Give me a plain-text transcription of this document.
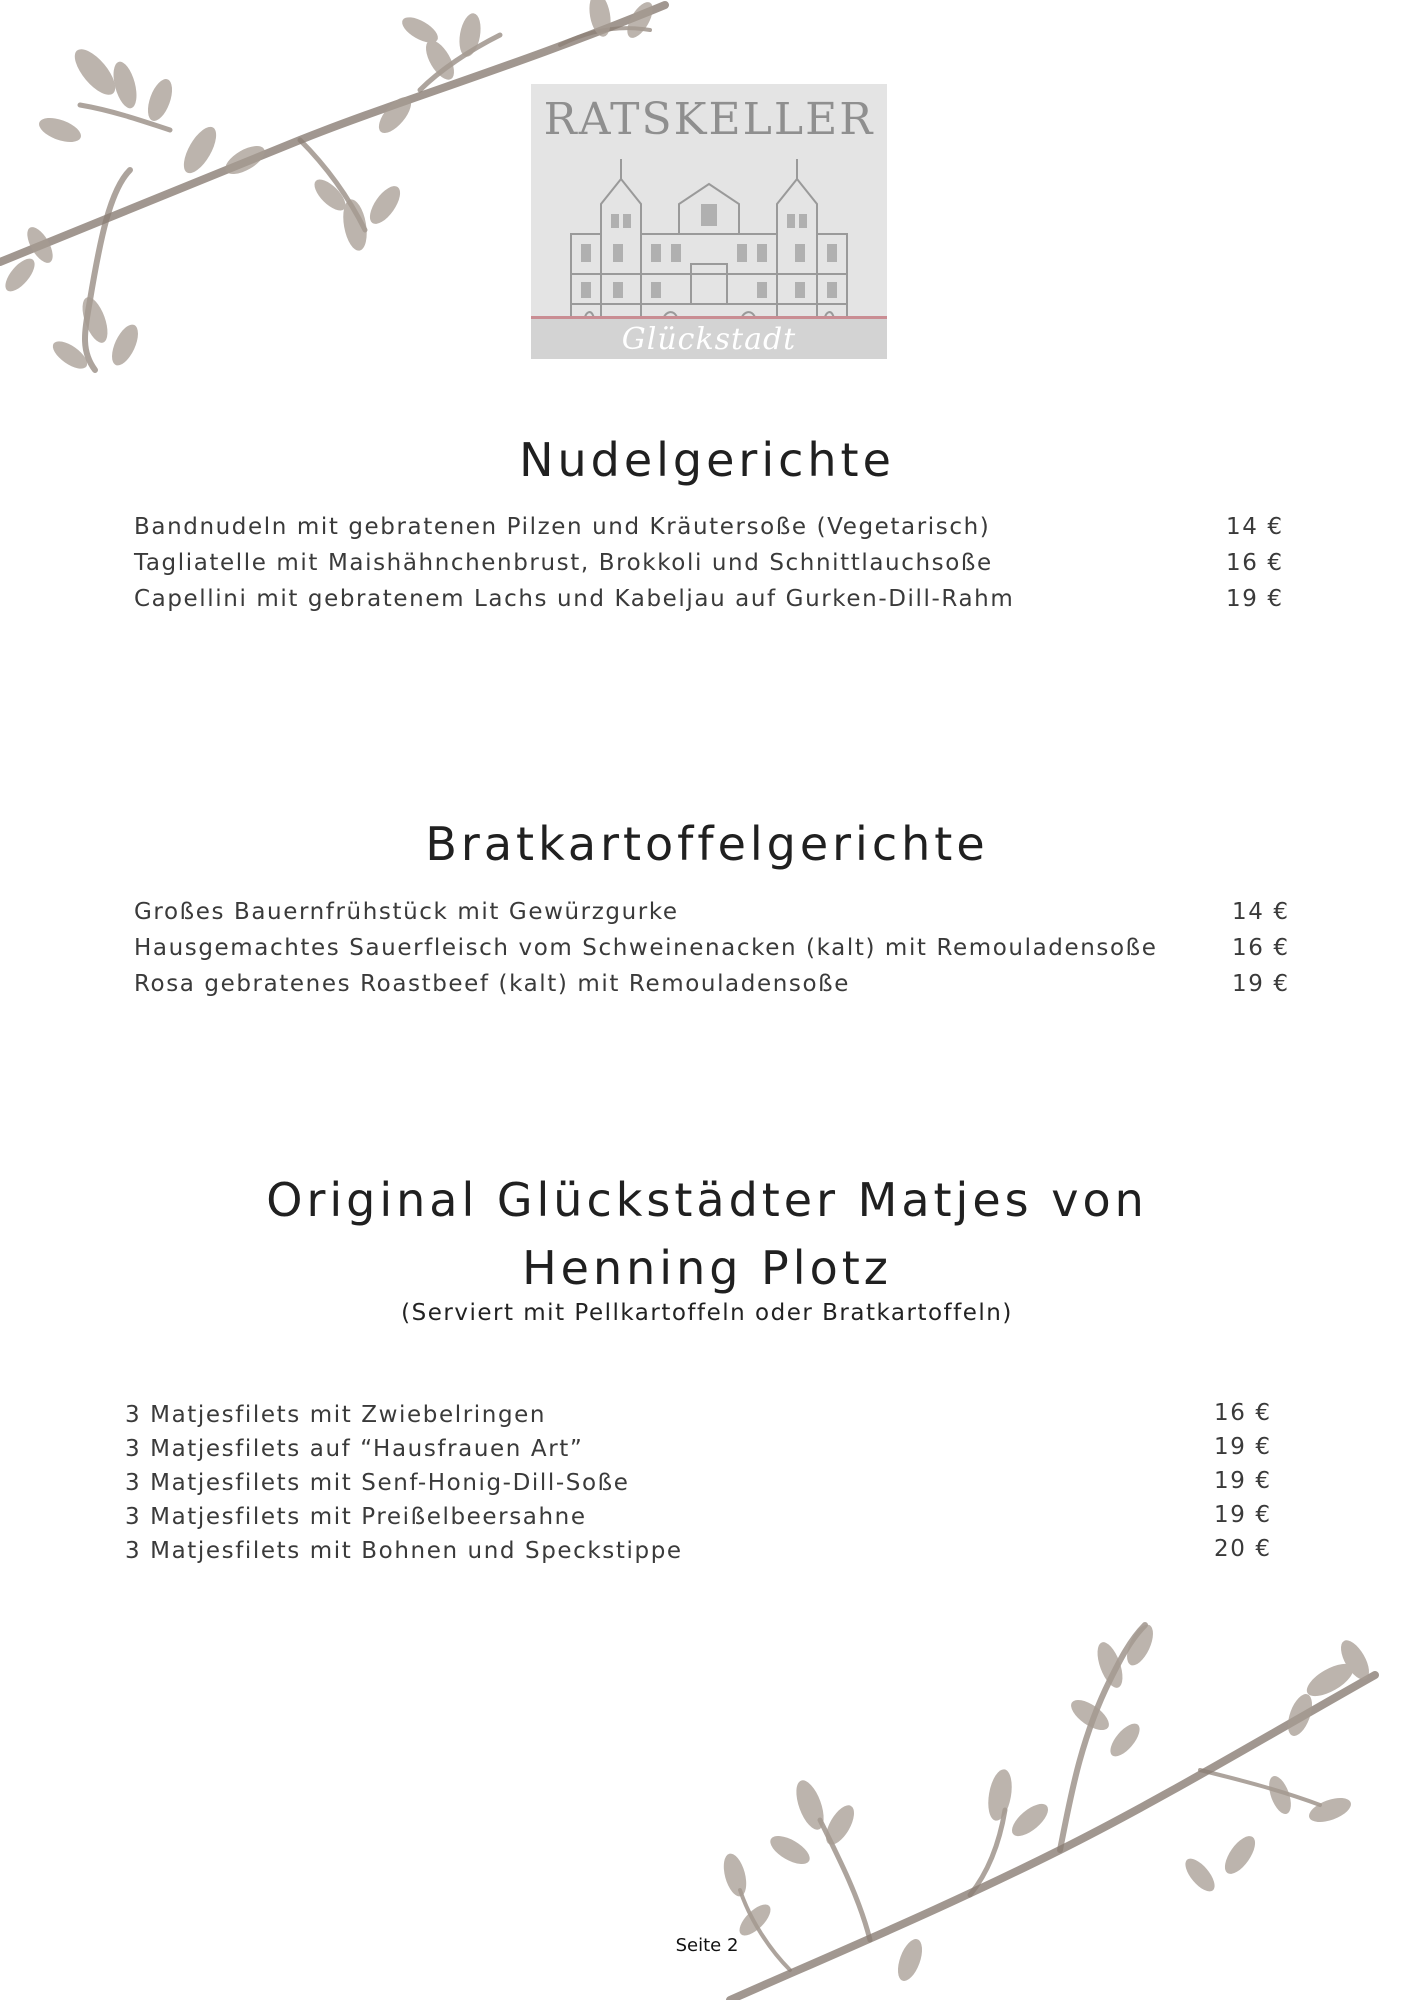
RATSKELLER
Glückstadt
Nudelgerichte
Bandnudeln mit gebratenen Pilzen und Kräutersoße (Vegetarisch)	14 €
Tagliatelle mit Maishähnchenbrust, Brokkoli und Schnittlauchsoße	16 €
Capellini mit gebratenem Lachs und Kabeljau auf Gurken-Dill-Rahm	19 €
Bratkartoffelgerichte
Großes Bauernfrühstück mit Gewürzgurke	14 €
Hausgemachtes Sauerfleisch vom Schweinenacken (kalt) mit Remouladensoße	16 €
Rosa gebratenes Roastbeef (kalt) mit Remouladensoße	19 €
Original Glückstädter Matjes von
Henning Plotz
(Serviert mit Pellkartoffeln oder Bratkartoffeln)
3 Matjesfilets mit Zwiebelringen	16 €
3 Matjesfilets auf “Hausfrauen Art”	19 €
3 Matjesfilets mit Senf-Honig-Dill-Soße	19 €
3 Matjesfilets mit Preißelbeersahne	19 €
3 Matjesfilets mit Bohnen und Speckstippe	20 €
Seite 2
